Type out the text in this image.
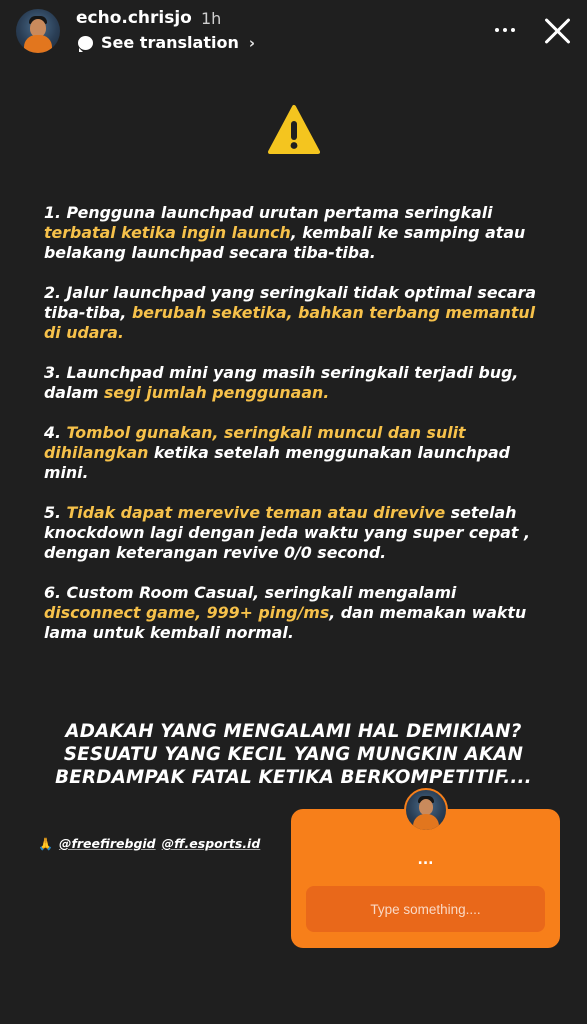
echo.chrisjo 1h
See translation ›
1. Pengguna launchpad urutan pertama seringkali terbatal ketika ingin launch, kembali ke samping atau belakang launchpad secara tiba-tiba.
2. Jalur launchpad yang seringkali tidak optimal secara tiba-tiba, berubah seketika, bahkan terbang memantul di udara.
3. Launchpad mini yang masih seringkali terjadi bug, dalam segi jumlah penggunaan.
4. Tombol gunakan, seringkali muncul dan sulit dihilangkan ketika setelah menggunakan launchpad mini.
5. Tidak dapat merevive teman atau direvive setelah knockdown lagi dengan jeda waktu yang super cepat , dengan keterangan revive 0/0 second.
6. Custom Room Casual, seringkali mengalami disconnect game, 999+ ping/ms, dan memakan waktu lama untuk kembali normal.
ADAKAH YANG MENGALAMI HAL DEMIKIAN?
SESUATU YANG KECIL YANG MUNGKIN AKAN
BERDAMPAK FATAL KETIKA BERKOMPETITIF....
🙏 @freefirebgid @ff.esports.id
...
Type something....
